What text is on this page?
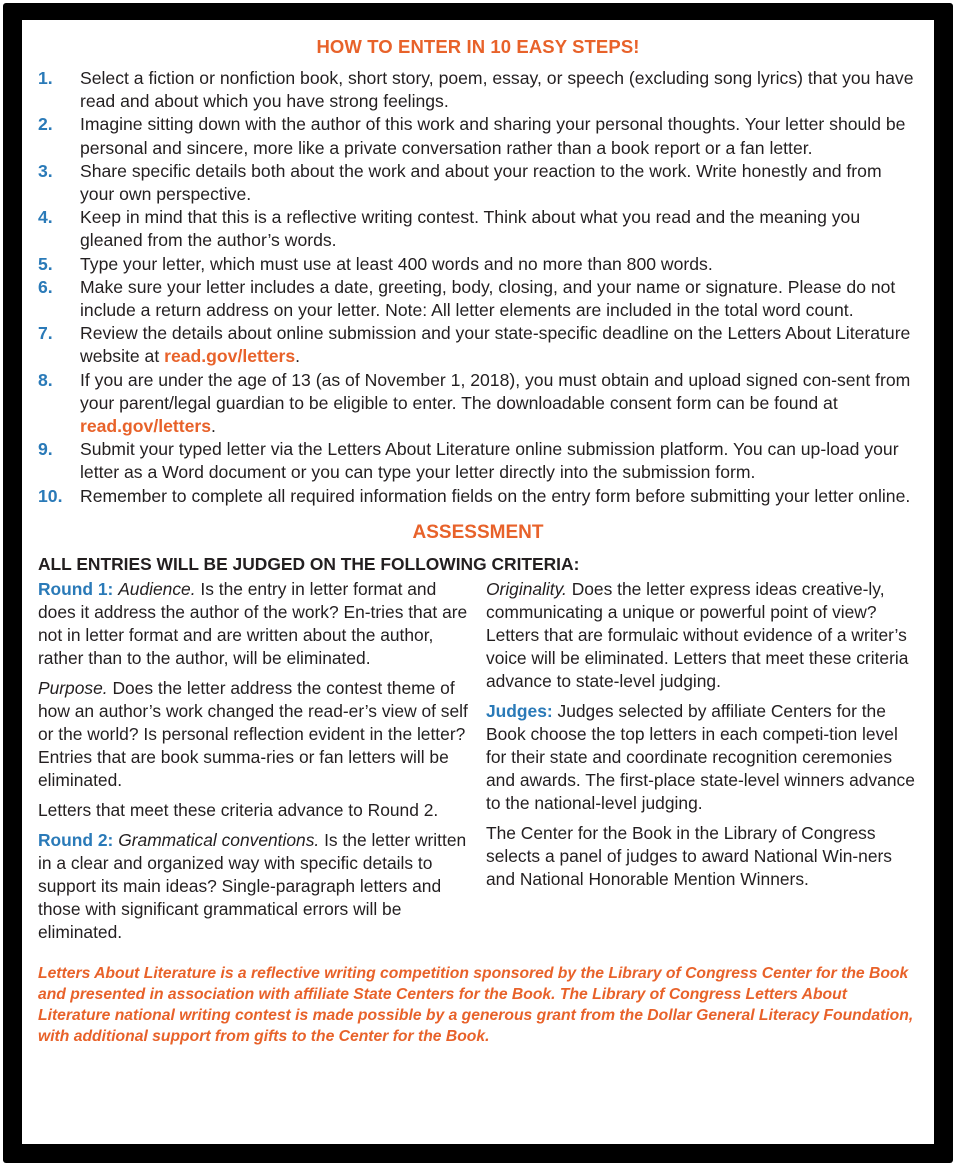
HOW TO ENTER IN 10 EASY STEPS!
1.	Select a fiction or nonfiction book, short story, poem, essay, or speech (excluding song lyrics) that you have read and about which you have strong feelings.
2.	Imagine sitting down with the author of this work and sharing your personal thoughts. Your letter should be personal and sincere, more like a private conversation rather than a book report or a fan letter.
3.	Share specific details both about the work and about your reaction to the work. Write honestly and from your own perspective.
4.	Keep in mind that this is a reflective writing contest. Think about what you read and the meaning you gleaned from the author’s words.
5.	Type your letter, which must use at least 400 words and no more than 800 words.
6.	Make sure your letter includes a date, greeting, body, closing, and your name or signature. Please do not include a return address on your letter. Note: All letter elements are included in the total word count.
7.	Review the details about online submission and your state-specific deadline on the Letters About Literature website at read.gov/letters.
8.	If you are under the age of 13 (as of November 1, 2018), you must obtain and upload signed con-sent from your parent/legal guardian to be eligible to enter. The downloadable consent form can be found at read.gov/letters.
9.	Submit your typed letter via the Letters About Literature online submission platform. You can up-load your letter as a Word document or you can type your letter directly into the submission form.
10. Remember to complete all required information fields on the entry form before submitting your letter online.
ASSESSMENT
ALL ENTRIES WILL BE JUDGED ON THE FOLLOWING CRITERIA:

Round 1: Audience. Is the entry in letter format and does it address the author of the work? En-tries that are not in letter format and are written about the author, rather than to the author, will be eliminated.

Purpose. Does the letter address the contest theme of how an author’s work changed the read-er’s view of self or the world? Is personal reflection evident in the letter? Entries that are book summa-ries or fan letters will be eliminated.

Letters that meet these criteria advance to Round 2.

Round 2: Grammatical conventions. Is the letter written in a clear and organized way with specific details to support its main ideas? Single-paragraph letters and those with significant grammatical errors will be eliminated.

Originality. Does the letter express ideas creative-ly, communicating a unique or powerful point of view? Letters that are formulaic without evidence of a writer’s voice will be eliminated. Letters that meet these criteria advance to state-level judging.

Judges: Judges selected by affiliate Centers for the Book choose the top letters in each competi-tion level for their state and coordinate recognition ceremonies and awards. The first-place state-level winners advance to the national-level judging.

The Center for the Book in the Library of Congress selects a panel of judges to award National Win-ners and National Honorable Mention Winners.

Letters About Literature is a reflective writing competition sponsored by the Library of Congress Center for the Book and presented in association with affiliate State Centers for the Book. The Library of Congress Letters About Literature national writing contest is made possible by a generous grant from the Dollar General Literacy Foundation, with additional support from gifts to the Center for the Book.
